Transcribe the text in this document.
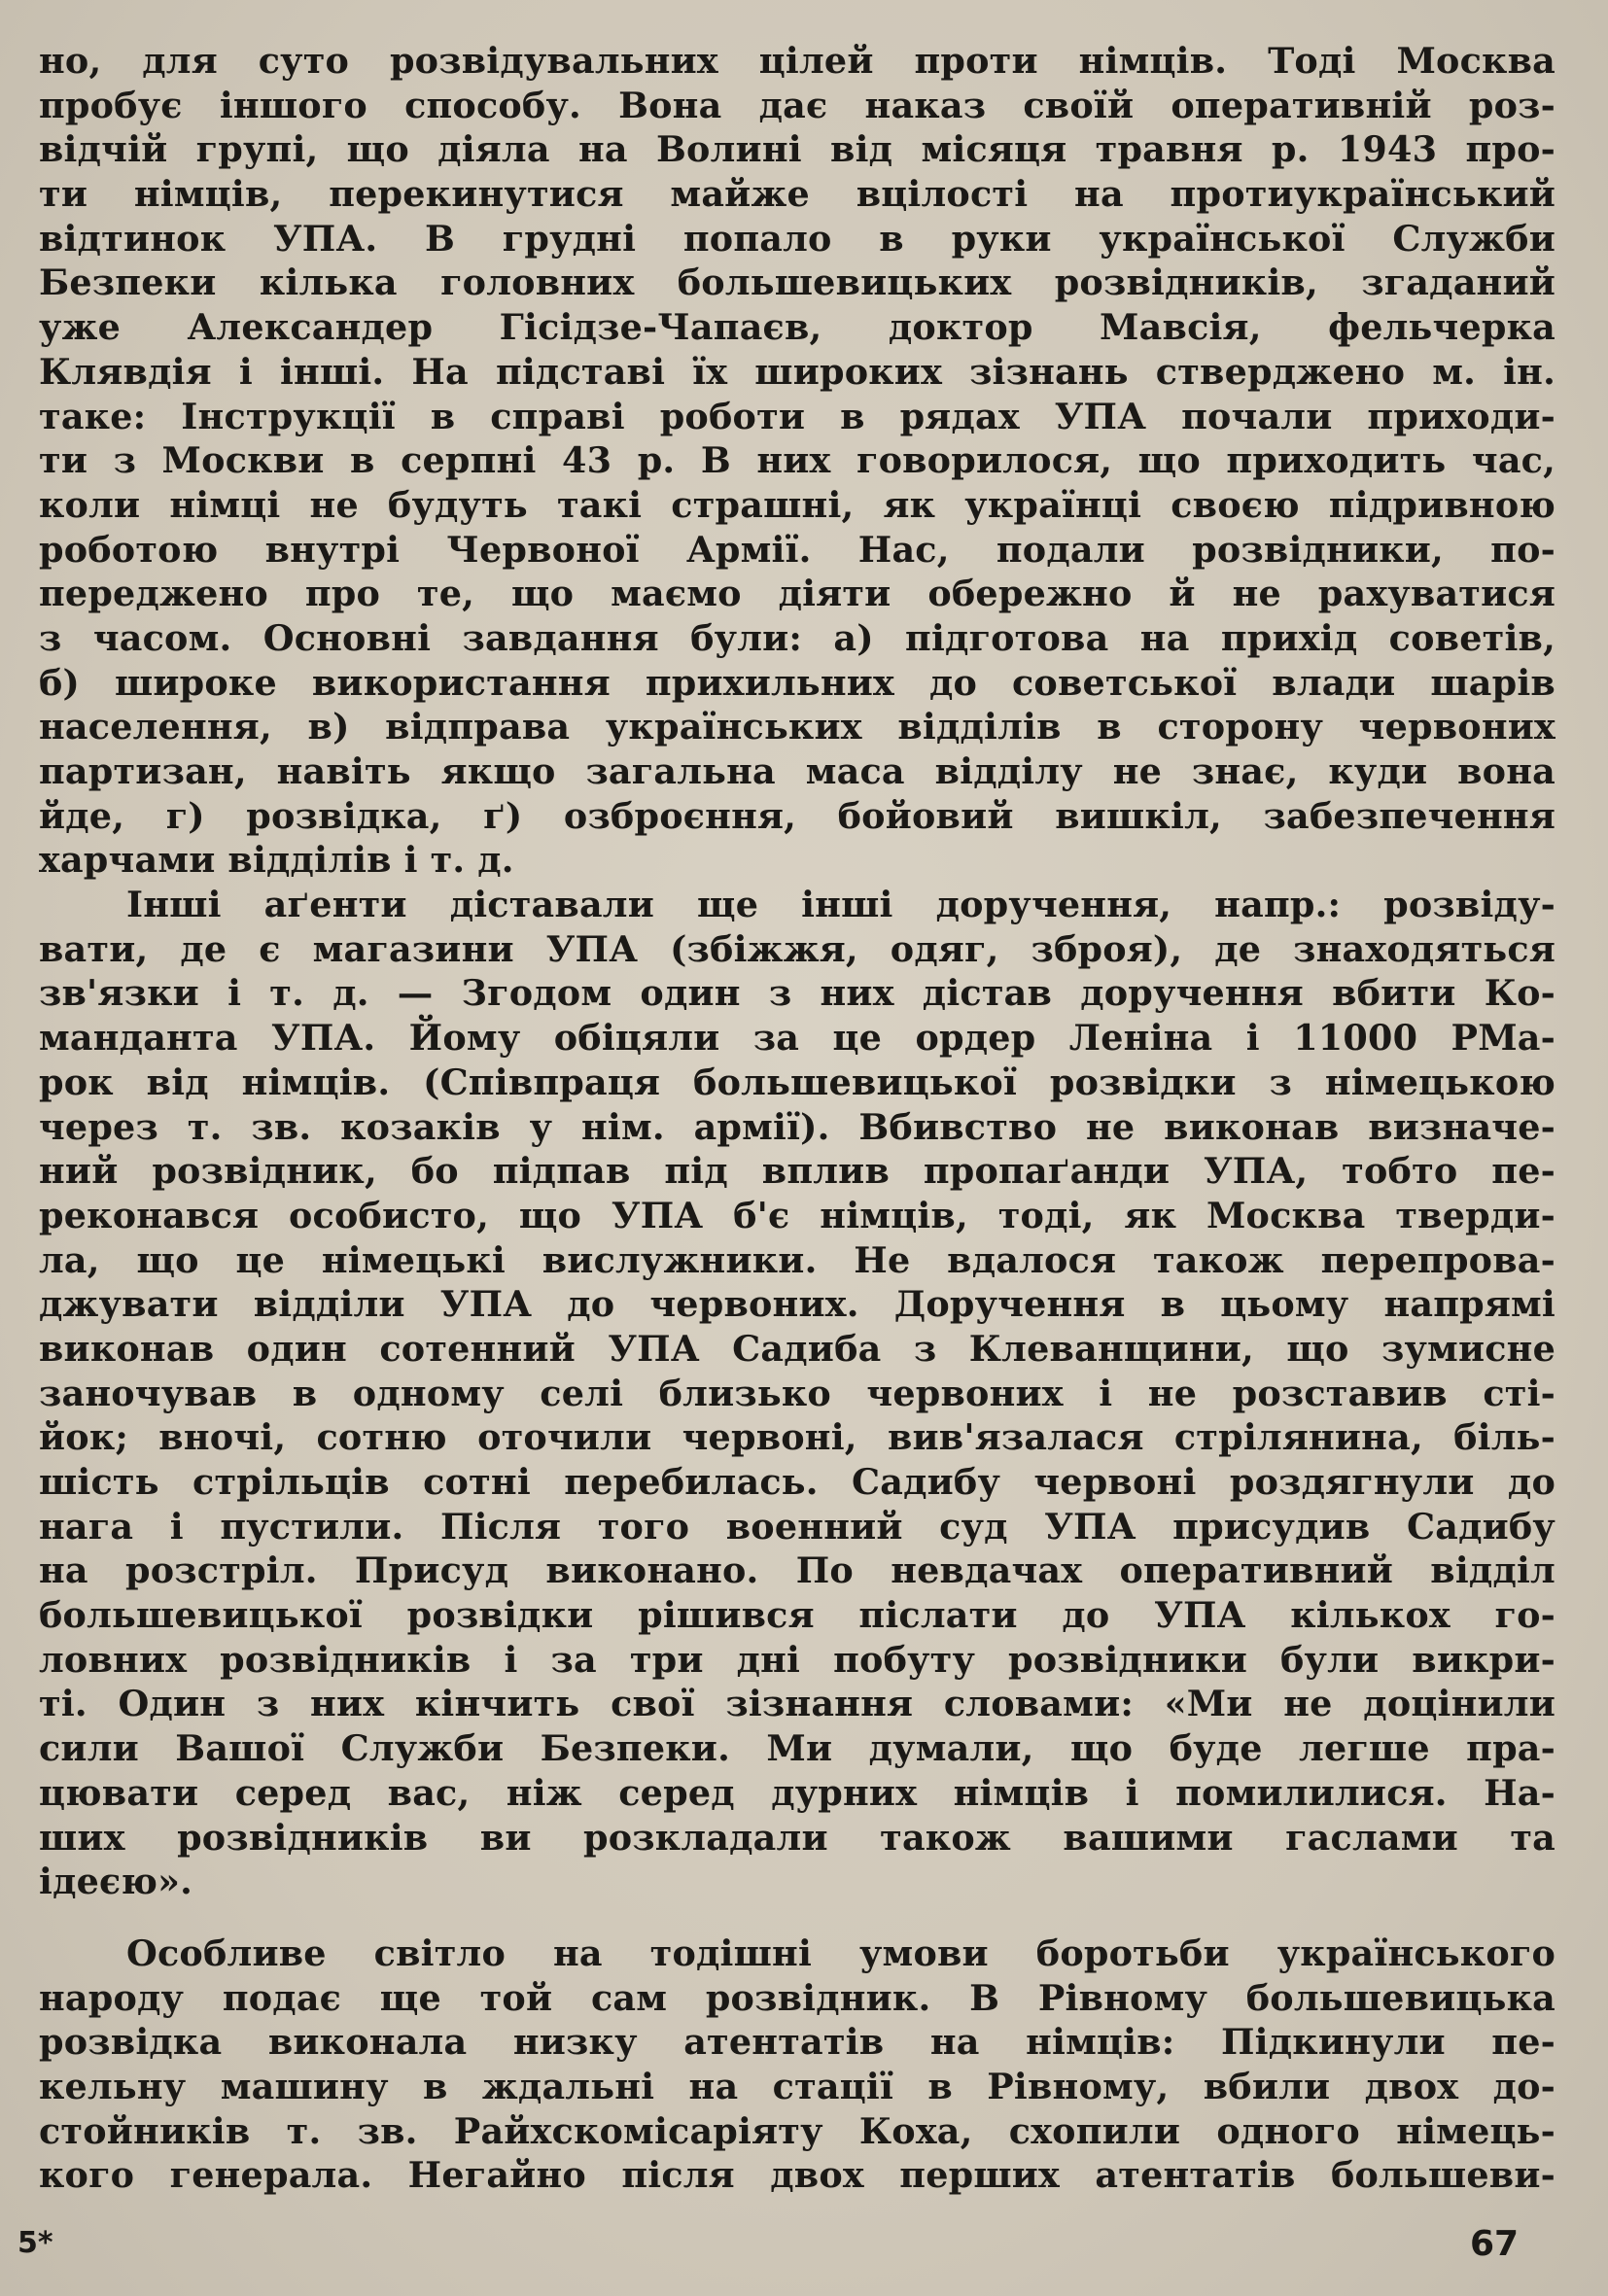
но, для суто розвідувальних цілей проти німців. Тоді Москва
пробує іншого способу. Вона дає наказ своїй оперативній роз-
відчій групі, що діяла на Волині від місяця травня р. 1943 про-
ти німців, перекинутися майже вцілості на протиукраїнський
відтинок УПА. В грудні попало в руки української Служби
Безпеки кілька головних большевицьких розвідників, згаданий
уже Александер Гісідзе-Чапаєв, доктор Мавсія, фельчерка
Клявдія і інші. На підставі їх широких зізнань стверджено м. ін.
таке: Інструкції в справі роботи в рядах УПА почали приходи-
ти з Москви в серпні 43 р. В них говорилося, що приходить час,
коли німці не будуть такі страшні, як українці своєю підривною
роботою внутрі Червоної Армії. Нас, подали розвідники, по-
переджено про те, що маємо діяти обережно й не рахуватися
з часом. Основні завдання були: а) підготова на прихід советів,
б) широке використання прихильних до советської влади шарів
населення, в) відправа українських відділів в сторону червоних
партизан, навіть якщо загальна маса відділу не знає, куди вона
йде, г) розвідка, ґ) озброєння, бойовий вишкіл, забезпечення
харчами відділів і т. д.
Інші аґенти діставали ще інші доручення, напр.: розвіду-
вати, де є магазини УПА (збіжжя, одяг, зброя), де знаходяться
зв'язки і т. д. — Згодом один з них дістав доручення вбити Ко-
манданта УПА. Йому обіцяли за це ордер Леніна і 11000 РМа-
рок від німців. (Співпраця большевицької розвідки з німецькою
через т. зв. козаків у нім. армії). Вбивство не виконав визначе-
ний розвідник, бо підпав під вплив пропаґанди УПА, тобто пе-
реконався особисто, що УПА б'є німців, тоді, як Москва тверди-
ла, що це німецькі вислужники. Не вдалося також перепрова-
джувати відділи УПА до червоних. Доручення в цьому напрямі
виконав один сотенний УПА Садиба з Клеванщини, що зумисне
заночував в одному селі близько червоних і не розставив сті-
йок; вночі, сотню оточили червоні, вив'язалася стрілянина, біль-
шість стрільців сотні перебилась. Садибу червоні роздягнули до
нага і пустили. Після того военний суд УПА присудив Садибу
на розстріл. Присуд виконано. По невдачах оперативний відділ
большевицької розвідки рішився післати до УПА кількох го-
ловних розвідників і за три дні побуту розвідники були викри-
ті. Один з них кінчить свої зізнання словами: «Ми не доцінили
сили Вашої Служби Безпеки. Ми думали, що буде легше пра-
цювати серед вас, ніж серед дурних німців і помилилися. На-
ших розвідників ви розкладали також вашими гаслами та
ідеєю».
Особливе світло на тодішні умови боротьби українського
народу подає ще той сам розвідник. В Рівному большевицька
розвідка виконала низку атентатів на німців: Підкинули пе-
кельну машину в ждальні на стації в Рівному, вбили двох до-
стойників т. зв. Райхскомісаріяту Коха, схопили одного німець-
кого генерала. Негайно після двох перших атентатів большеви-
5*	67
